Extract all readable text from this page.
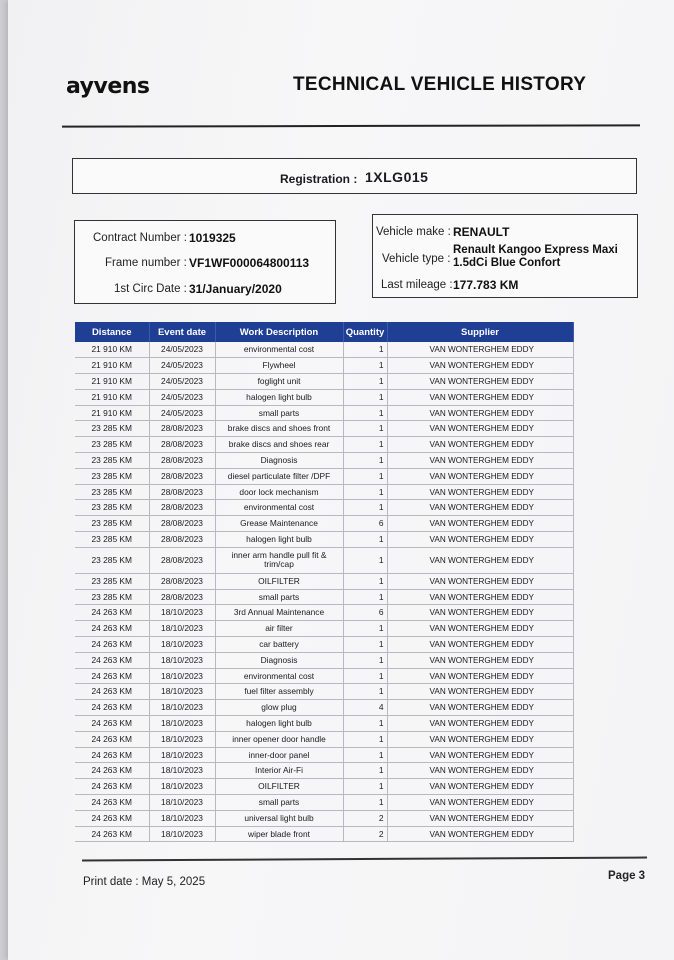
ayvens	TECHNICAL VEHICLE HISTORY
Registration : 1XLG015
Contract Number : 1019325
Frame number : VF1WF000064800113
1st Circ Date : 31/January/2020
Vehicle make : RENAULT
Vehicle type :
Renault Kangoo Express Maxi
1.5dCi Blue Confort
Last mileage : 177.783 KM
Distance	Event date	Work Description	Quantity	Supplier
21 910 KM	24/05/2023	environmental cost	1	VAN WONTERGHEM EDDY
21 910 KM	24/05/2023	Flywheel	1	VAN WONTERGHEM EDDY
21 910 KM	24/05/2023	foglight unit	1	VAN WONTERGHEM EDDY
21 910 KM	24/05/2023	halogen light bulb	1	VAN WONTERGHEM EDDY
21 910 KM	24/05/2023	small parts	1	VAN WONTERGHEM EDDY
23 285 KM	28/08/2023	brake discs and shoes front	1	VAN WONTERGHEM EDDY
23 285 KM	28/08/2023	brake discs and shoes rear	1	VAN WONTERGHEM EDDY
23 285 KM	28/08/2023	Diagnosis	1	VAN WONTERGHEM EDDY
23 285 KM	28/08/2023	diesel particulate filter /DPF	1	VAN WONTERGHEM EDDY
23 285 KM	28/08/2023	door lock mechanism	1	VAN WONTERGHEM EDDY
23 285 KM	28/08/2023	environmental cost	1	VAN WONTERGHEM EDDY
23 285 KM	28/08/2023	Grease Maintenance	6	VAN WONTERGHEM EDDY
23 285 KM	28/08/2023	halogen light bulb	1	VAN WONTERGHEM EDDY
23 285 KM	28/08/2023	inner arm handle pull fit & trim/cap	1	VAN WONTERGHEM EDDY
23 285 KM	28/08/2023	OILFILTER	1	VAN WONTERGHEM EDDY
23 285 KM	28/08/2023	small parts	1	VAN WONTERGHEM EDDY
24 263 KM	18/10/2023	3rd Annual Maintenance	6	VAN WONTERGHEM EDDY
24 263 KM	18/10/2023	air filter	1	VAN WONTERGHEM EDDY
24 263 KM	18/10/2023	car battery	1	VAN WONTERGHEM EDDY
24 263 KM	18/10/2023	Diagnosis	1	VAN WONTERGHEM EDDY
24 263 KM	18/10/2023	environmental cost	1	VAN WONTERGHEM EDDY
24 263 KM	18/10/2023	fuel filter assembly	1	VAN WONTERGHEM EDDY
24 263 KM	18/10/2023	glow plug	4	VAN WONTERGHEM EDDY
24 263 KM	18/10/2023	halogen light bulb	1	VAN WONTERGHEM EDDY
24 263 KM	18/10/2023	inner opener door handle	1	VAN WONTERGHEM EDDY
24 263 KM	18/10/2023	inner-door panel	1	VAN WONTERGHEM EDDY
24 263 KM	18/10/2023	Interior Air-Fi	1	VAN WONTERGHEM EDDY
24 263 KM	18/10/2023	OILFILTER	1	VAN WONTERGHEM EDDY
24 263 KM	18/10/2023	small parts	1	VAN WONTERGHEM EDDY
24 263 KM	18/10/2023	universal light bulb	2	VAN WONTERGHEM EDDY
24 263 KM	18/10/2023	wiper blade front	2	VAN WONTERGHEM EDDY
Print date : May 5, 2025	Page 3
